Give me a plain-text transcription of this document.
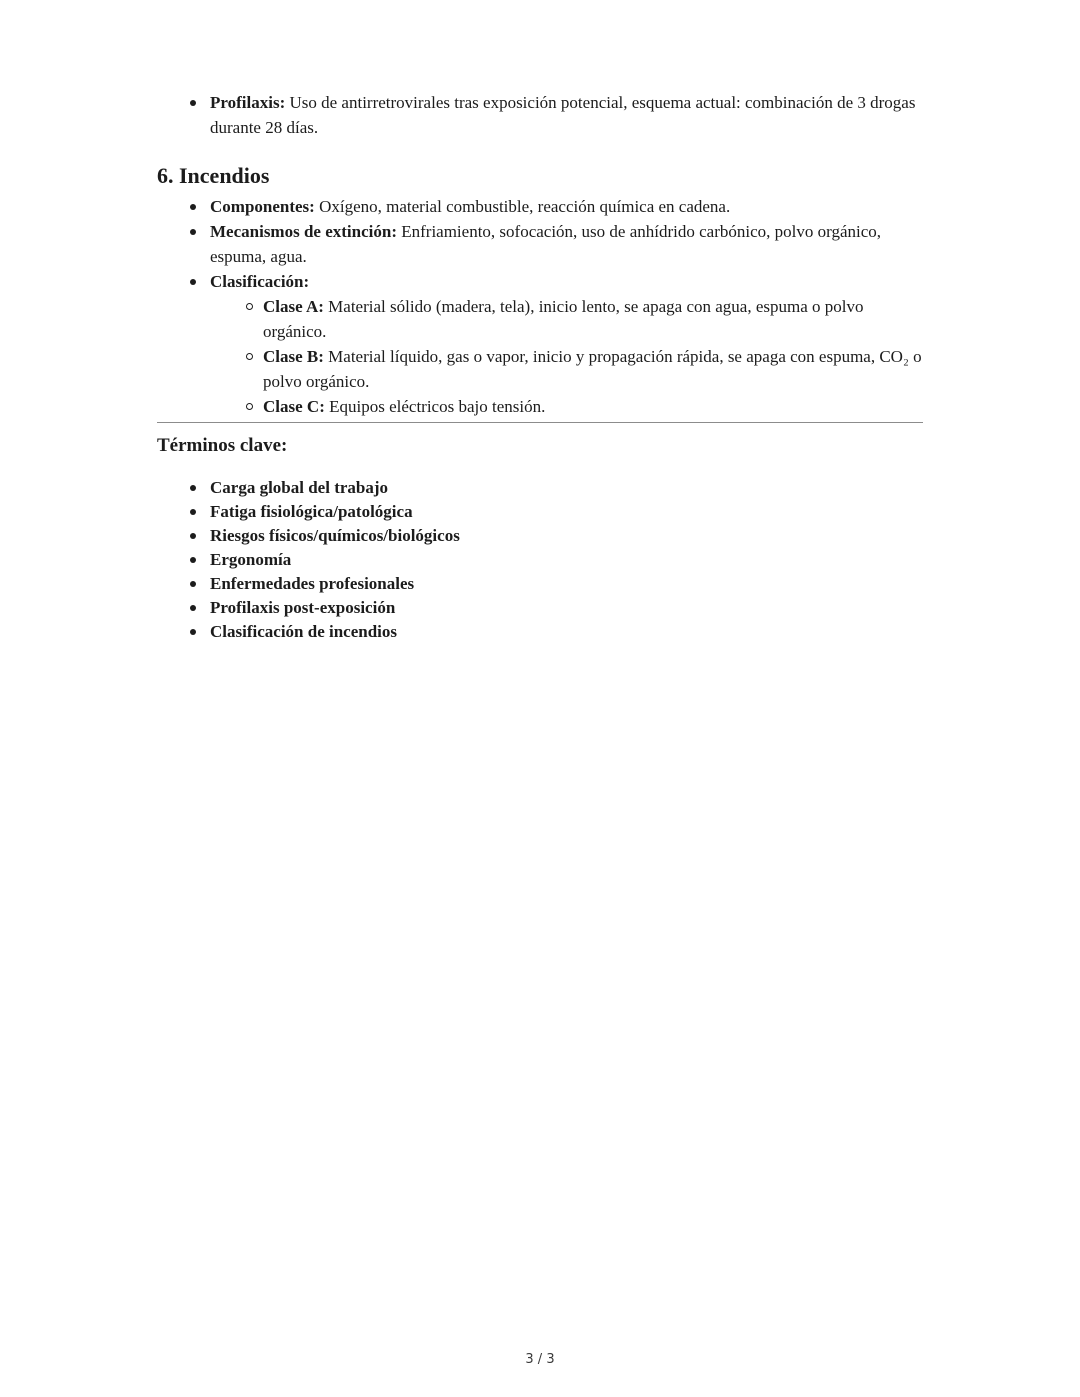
Profilaxis: Uso de antirretrovirales tras exposición potencial, esquema actual: combinación de 3 drogas durante 28 días.
6. Incendios
Componentes: Oxígeno, material combustible, reacción química en cadena.
Mecanismos de extinción: Enfriamiento, sofocación, uso de anhídrido carbónico, polvo orgánico, espuma, agua.
Clasificación:
Clase A: Material sólido (madera, tela), inicio lento, se apaga con agua, espuma o polvo orgánico.
Clase B: Material líquido, gas o vapor, inicio y propagación rápida, se apaga con espuma, CO₂ o polvo orgánico.
Clase C: Equipos eléctricos bajo tensión.

Términos clave:

Carga global del trabajo
Fatiga fisiológica/patológica
Riesgos físicos/químicos/biológicos
Ergonomía
Enfermedades profesionales
Profilaxis post-exposición
Clasificación de incendios
3 / 3
